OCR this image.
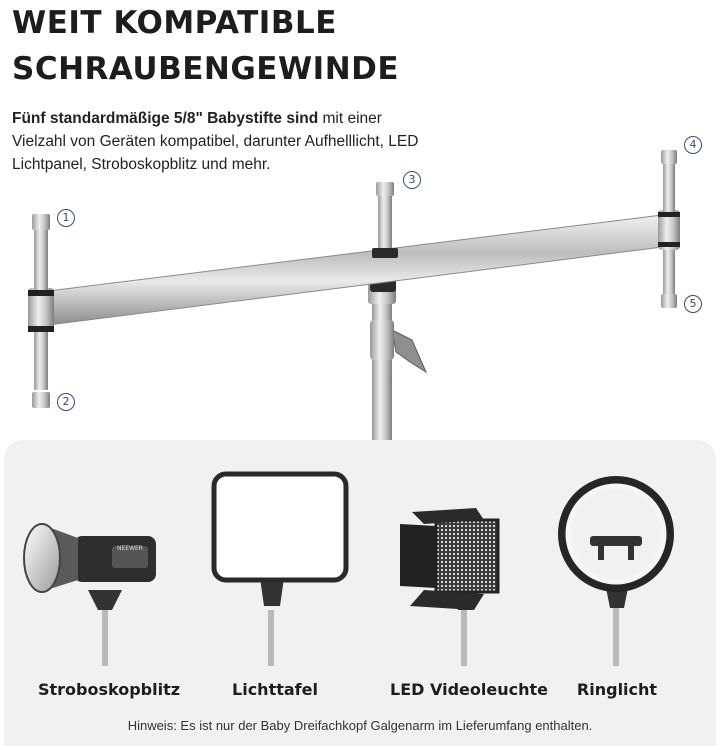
WEIT KOMPATIBLE
SCHRAUBENGEWINDE

Fünf standardmäßige 5/8" Babystifte sind mit einer Vielzahl von Geräten kompatibel, darunter Aufhelllicht, LED Lichtpanel, Stroboskopblitz und mehr.

1
2
3
4
5
NEEWER
Stroboskopblitz	Lichttafel	LED Videoleuchte	Ringlicht
Hinweis: Es ist nur der Baby Dreifachkopf Galgenarm im Lieferumfang enthalten.
